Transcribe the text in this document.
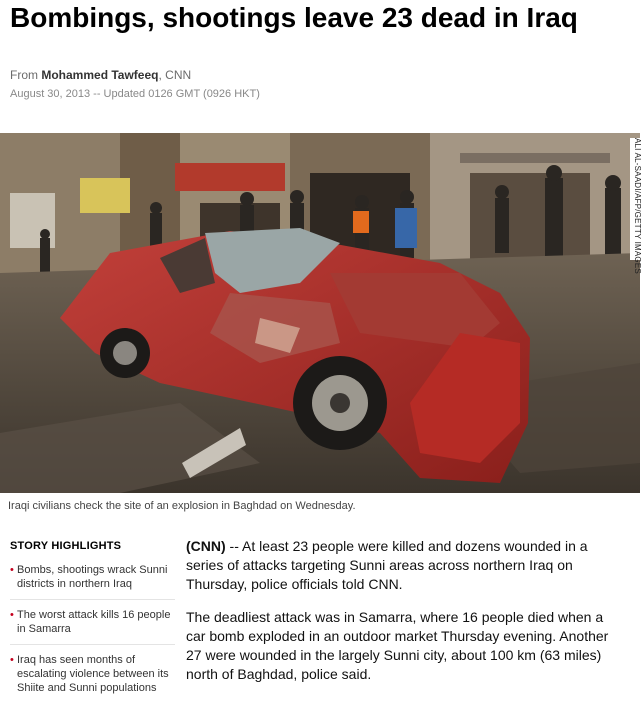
Bombings, shootings leave 23 dead in Iraq
From Mohammed Tawfeeq, CNN
August 30, 2013 -- Updated 0126 GMT (0926 HKT)
ALI AL-SAADI/AFP/GETTY IMAGES
Iraqi civilians check the site of an explosion in Baghdad on Wednesday.
STORY HIGHLIGHTS
• Bombs, shootings wrack Sunni districts in northern Iraq
• The worst attack kills 16 people in Samarra
• Iraq has seen months of escalating violence between its Shiite and Sunni populations

(CNN) -- At least 23 people were killed and dozens wounded in a series of attacks targeting Sunni areas across northern Iraq on Thursday, police officials told CNN.

The deadliest attack was in Samarra, where 16 people died when a car bomb exploded in an outdoor market Thursday evening. Another 27 were wounded in the largely Sunni city, about 100 km (63 miles) north of Baghdad, police said.
